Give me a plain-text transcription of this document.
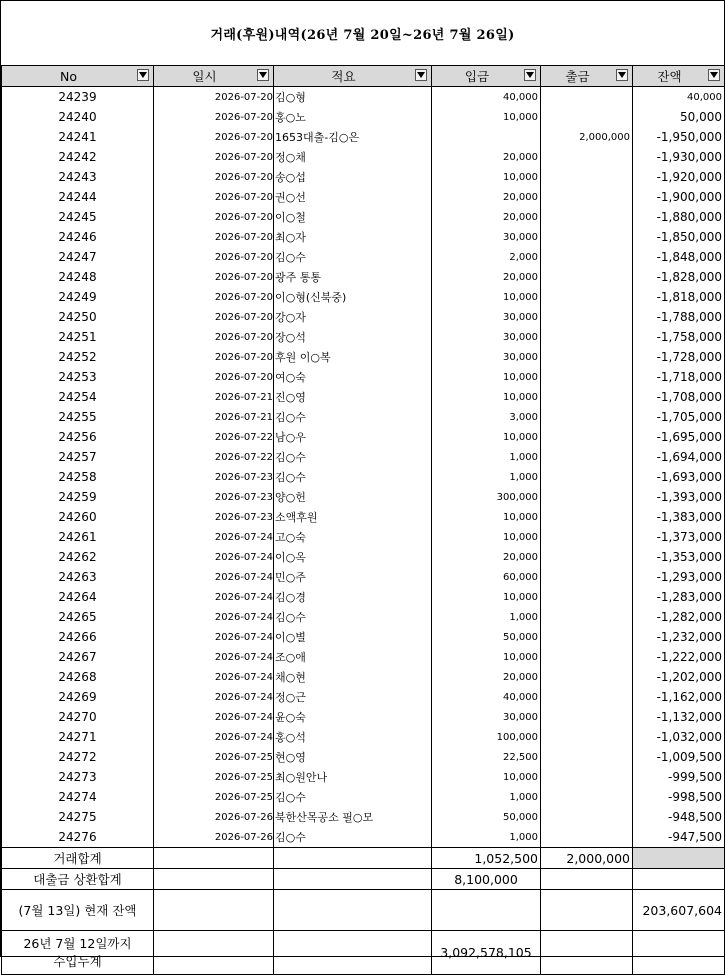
거래(후원)내역(26년 7월 20일~26년 7월 26일)
No	일시	적요	입금	출금	잔액

24239	2026-07-20	김○형	40,000		40,000
24240	2026-07-20	홍○노	10,000		50,000
24241	2026-07-20	1653대출-김○은		2,000,000	-1,950,000
24242	2026-07-20	정○채	20,000		-1,930,000
24243	2026-07-20	송○섭	10,000		-1,920,000
24244	2026-07-20	권○선	20,000		-1,900,000
24245	2026-07-20	이○철	20,000		-1,880,000
24246	2026-07-20	최○자	30,000		-1,850,000
24247	2026-07-20	김○수	2,000		-1,848,000
24248	2026-07-20	광주 통통	20,000		-1,828,000
24249	2026-07-20	이○형(신북중)	10,000		-1,818,000
24250	2026-07-20	강○자	30,000		-1,788,000
24251	2026-07-20	장○석	30,000		-1,758,000
24252	2026-07-20	후원 이○복	30,000		-1,728,000
24253	2026-07-20	여○숙	10,000		-1,718,000
24254	2026-07-21	진○영	10,000		-1,708,000
24255	2026-07-21	김○수	3,000		-1,705,000
24256	2026-07-22	남○우	10,000		-1,695,000
24257	2026-07-22	김○수	1,000		-1,694,000
24258	2026-07-23	김○수	1,000		-1,693,000
24259	2026-07-23	양○헌	300,000		-1,393,000
24260	2026-07-23	소액후원	10,000		-1,383,000
24261	2026-07-24	고○숙	10,000		-1,373,000
24262	2026-07-24	이○옥	20,000		-1,353,000
24263	2026-07-24	민○주	60,000		-1,293,000
24264	2026-07-24	김○경	10,000		-1,283,000
24265	2026-07-24	김○수	1,000		-1,282,000
24266	2026-07-24	이○별	50,000		-1,232,000
24267	2026-07-24	조○애	10,000		-1,222,000
24268	2026-07-24	채○현	20,000		-1,202,000
24269	2026-07-24	정○근	40,000		-1,162,000
24270	2026-07-24	윤○숙	30,000		-1,132,000
24271	2026-07-24	홍○석	100,000		-1,032,000
24272	2026-07-25	현○영	22,500		-1,009,500
24273	2026-07-25	최○원안나	10,000		-999,500
24274	2026-07-25	김○수	1,000		-998,500
24275	2026-07-26	북한산목공소 필○모	50,000		-948,500
24276	2026-07-26	김○수	1,000		-947,500
거래합계			1,052,500	2,000,000	
대출금 상환합계			8,100,000		
(7월 13일) 현재 잔액					203,607,604
26년 7월 12일까지
수입누계			3,092,578,105		
